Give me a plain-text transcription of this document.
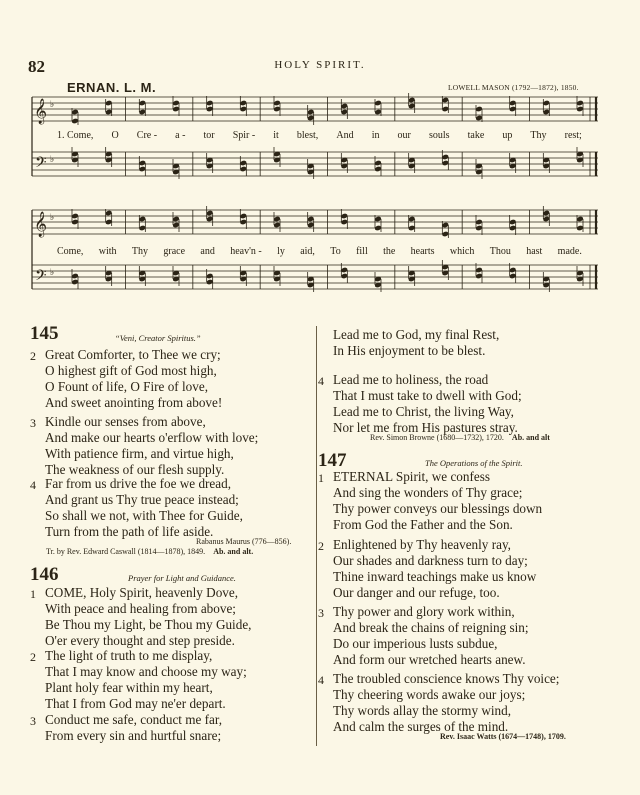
82	HOLY SPIRIT.
ERNAN. L. M.	LOWELL MASON (1792—1872), 1850.
𝄞
𝄢
♭
♭
1. Come, O Cre - a - tor Spir - it blest, And in our souls take up Thy rest;
𝄞
𝄢
♭
♭
Come, with Thy grace and heav'n - ly aid, To fill the hearts which Thou hast made.
145	“Veni, Creator Spiritus.”
2 Great Comforter, to Thee we cry;
O highest gift of God most high,
O Fount of life, O Fire of love,
And sweet anointing from above!
3 Kindle our senses from above,
And make our hearts o'erflow with love;
With patience firm, and virtue high,
The weakness of our flesh supply.
4 Far from us drive the foe we dread,
And grant us Thy true peace instead;
So shall we not, with Thee for Guide,
Turn from the path of life aside.
Rabanus Maurus (776—856).
Tr. by Rev. Edward Caswall (1814—1878), 1849. Ab. and alt.
146	Prayer for Light and Guidance.
1 COME, Holy Spirit, heavenly Dove,
With peace and healing from above;
Be Thou my Light, be Thou my Guide,
O'er every thought and step preside.
2 The light of truth to me display,
That I may know and choose my way;
Plant holy fear within my heart,
That I from God may ne'er depart.
3 Conduct me safe, conduct me far,
From every sin and hurtful snare;
Lead me to God, my final Rest,
In His enjoyment to be blest.
4 Lead me to holiness, the road
That I must take to dwell with God;
Lead me to Christ, the living Way,
Nor let me from His pastures stray.
Rev. Simon Browne (1680—1732), 1720. Ab. and alt
147	The Operations of the Spirit.
1 ETERNAL Spirit, we confess
And sing the wonders of Thy grace;
Thy power conveys our blessings down
From God the Father and the Son.
2 Enlightened by Thy heavenly ray,
Our shades and darkness turn to day;
Thine inward teachings make us know
Our danger and our refuge, too.
3 Thy power and glory work within,
And break the chains of reigning sin;
Do our imperious lusts subdue,
And form our wretched hearts anew.
4 The troubled conscience knows Thy voice;
Thy cheering words awake our joys;
Thy words allay the stormy wind,
And calm the surges of the mind.
Rev. Isaac Watts (1674—1748), 1709.
